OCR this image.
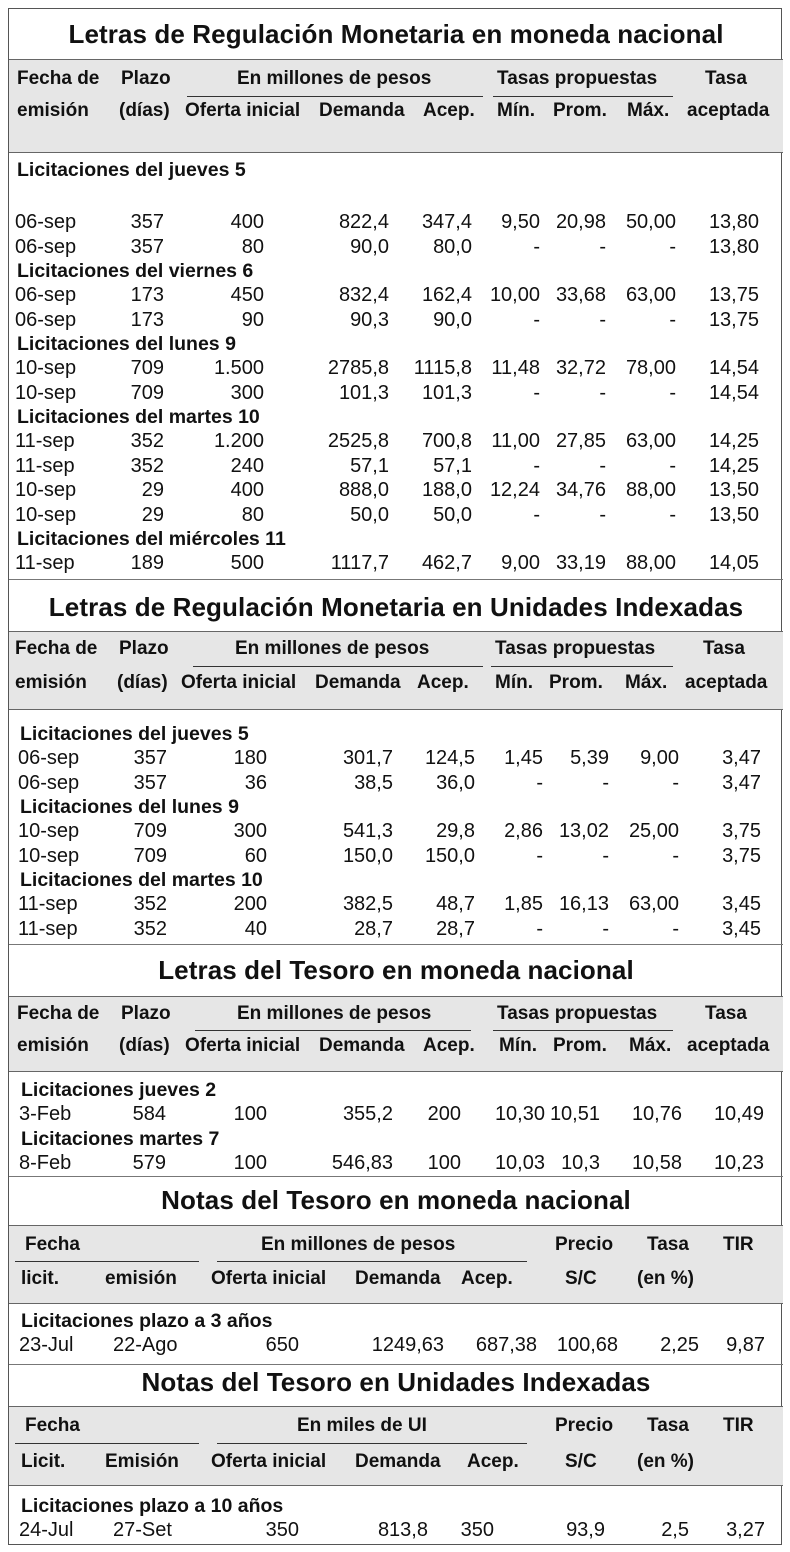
Letras de Regulación Monetaria en moneda nacional
Fecha de
emisión
Plazo
(días)
En millones de pesos
Oferta inicial Demanda Acep.
Tasas propuestas
Mín. Prom. Máx.
Tasa
aceptada
Licitaciones del jueves 5
06-sep	357	400	822,4 347,4 9,50 20,98 50,00 13,80
06-sep	357	80	90,0 80,0	-	-	- 13,80
Licitaciones del viernes 6
06-sep	173	450	832,4 162,4 10,00 33,68 63,00 13,75
06-sep	173	90	90,3 90,0	-	-	- 13,75
Licitaciones del lunes 9
10-sep	709 1.500	2785,8 1115,8 11,48 32,72 78,00 14,54
10-sep	709	300	101,3 101,3	-	-	- 14,54
Licitaciones del martes 10
11-sep	352 1.200	2525,8 700,8 11,00 27,85 63,00 14,25
11-sep	352	240	57,1 57,1	-	-	- 14,25
10-sep	29	400	888,0 188,0 12,24 34,76 88,00 13,50
10-sep	29	80	50,0 50,0	-	-	- 13,50
Licitaciones del miércoles 11
11-sep	189	500	1117,7 462,7 9,00 33,19 88,00 14,05
Letras de Regulación Monetaria en Unidades Indexadas
Fecha de
emisión
Plazo
(días)
En millones de pesos
Oferta inicial Demanda Acep.
Tasas propuestas
Mín. Prom. Máx.
Tasa
aceptada
Licitaciones del jueves 5
06-sep	357	180	301,7 124,5 1,45 5,39 9,00 3,47
06-sep	357	36	38,5 36,0	-	-	- 3,47
Licitaciones del lunes 9
10-sep	709	300	541,3 29,8 2,86 13,02 25,00 3,75
10-sep	709	60	150,0 150,0	-	-	- 3,75
Licitaciones del martes 10
11-sep	352	200	382,5 48,7 1,85 16,13 63,00 3,45
11-sep	352	40	28,7 28,7	-	-	- 3,45
Letras del Tesoro en moneda nacional
Fecha de
emisión
Plazo
(días)
En millones de pesos
Oferta inicial Demanda Acep.
Tasas propuestas
Mín. Prom. Máx.
Tasa
aceptada
Licitaciones jueves 2
3-Feb	584	100	355,2 200 10,30 10,51 10,76 10,49
Licitaciones martes 7
8-Feb	579	100	546,83 100 10,03 10,3 10,58 10,23
Notas del Tesoro en moneda nacional
Fecha
licit. emisión
En millones de pesos
Oferta inicial Demanda Acep.
Precio
S/C
Tasa
(en %)
TIR
Licitaciones plazo a 3 años
23-Jul 22-Ago	650	1249,63 687,38 100,68 2,25 9,87
Notas del Tesoro en Unidades Indexadas
Fecha
Licit. Emisión
En miles de UI
Oferta inicial Demanda Acep.
Precio
S/C
Tasa
(en %)
TIR
Licitaciones plazo a 10 años
24-Jul 27-Set	350	813,8 350	93,9	2,5 3,27
